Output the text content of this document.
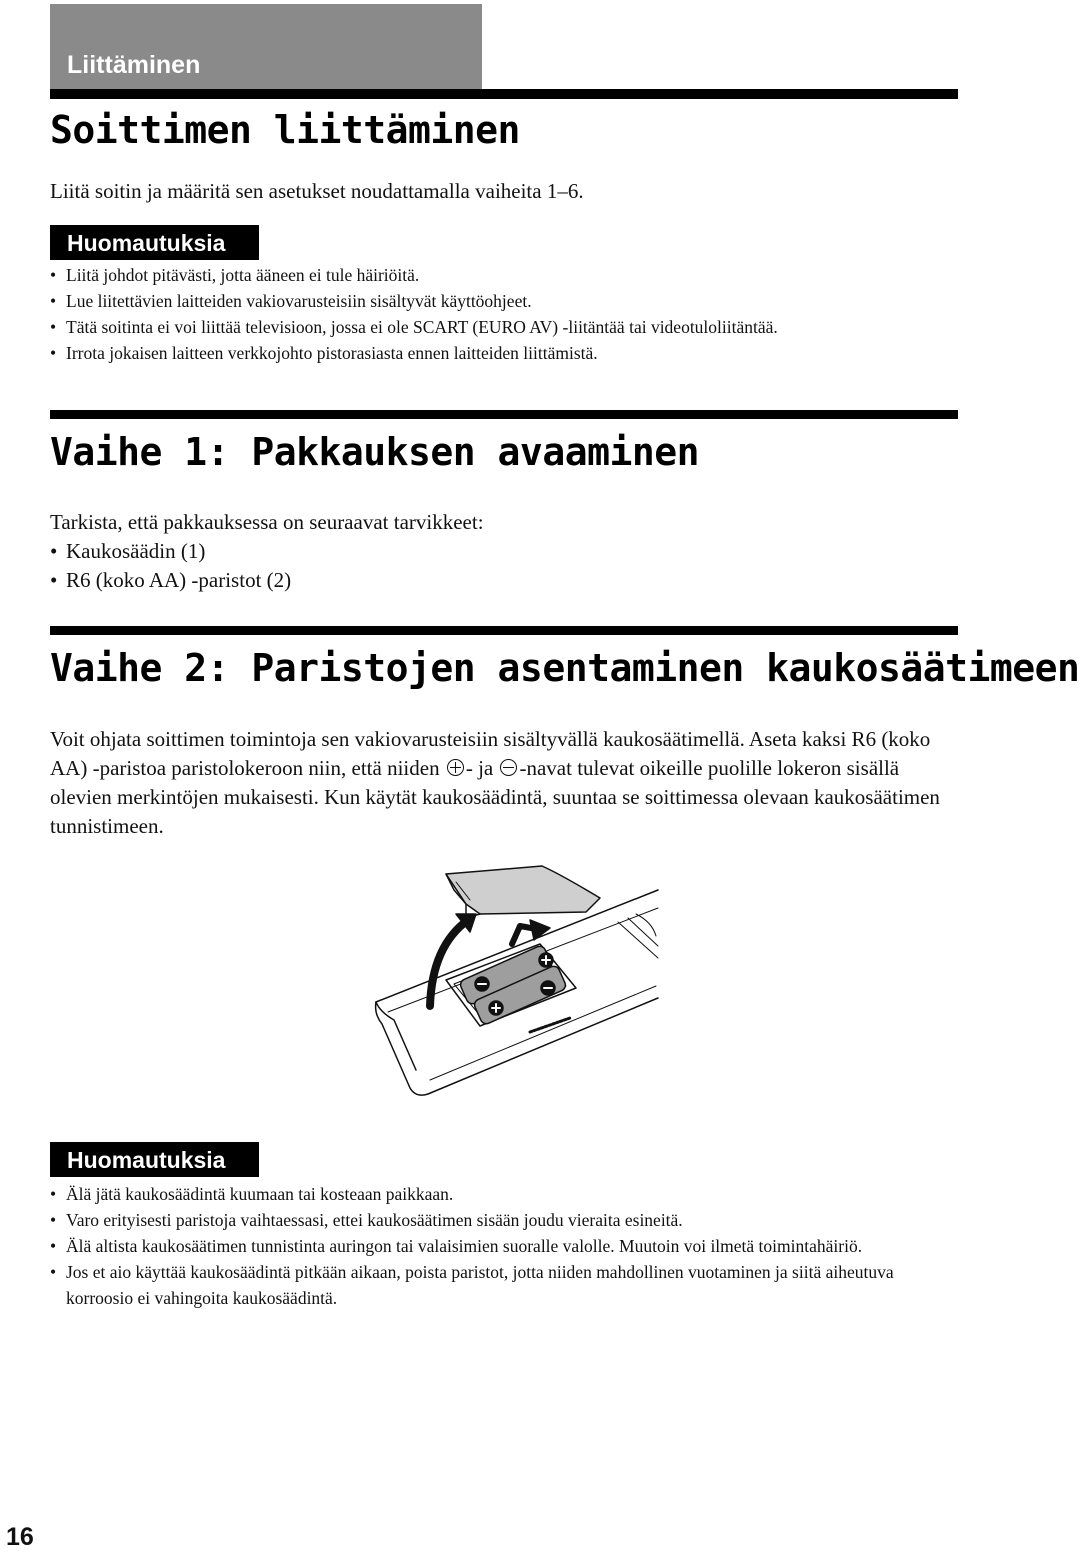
Liittäminen
Soittimen liittäminen
Liitä soitin ja määritä sen asetukset noudattamalla vaiheita 1–6.
Huomautuksia
• Liitä johdot pitävästi, jotta ääneen ei tule häiriöitä.
• Lue liitettävien laitteiden vakiovarusteisiin sisältyvät käyttöohjeet.
• Tätä soitinta ei voi liittää televisioon, jossa ei ole SCART (EURO AV) -liitäntää tai videotuloliitäntää.
• Irrota jokaisen laitteen verkkojohto pistorasiasta ennen laitteiden liittämistä.
Vaihe 1: Pakkauksen avaaminen
Tarkista, että pakkauksessa on seuraavat tarvikkeet:
• Kaukosäädin (1)
• R6 (koko AA) -paristot (2)
Vaihe 2: Paristojen asentaminen kaukosäätimeen
Voit ohjata soittimen toimintoja sen vakiovarusteisiin sisältyvällä kaukosäätimellä. Aseta kaksi R6 (koko AA) -paristoa paristolokeroon niin, että niiden - ja -navat tulevat oikeille puolille lokeron sisällä olevien merkintöjen mukaisesti. Kun käytät kaukosäädintä, suuntaa se soittimessa olevaan kaukosäätimen tunnistimeen.
Huomautuksia
• Älä jätä kaukosäädintä kuumaan tai kosteaan paikkaan.
• Varo erityisesti paristoja vaihtaessasi, ettei kaukosäätimen sisään joudu vieraita esineitä.
• Älä altista kaukosäätimen tunnistinta auringon tai valaisimien suoralle valolle. Muutoin voi ilmetä toimintahäiriö.
• Jos et aio käyttää kaukosäädintä pitkään aikaan, poista paristot, jotta niiden mahdollinen vuotaminen ja siitä aiheutuva korroosio ei vahingoita kaukosäädintä.
16
